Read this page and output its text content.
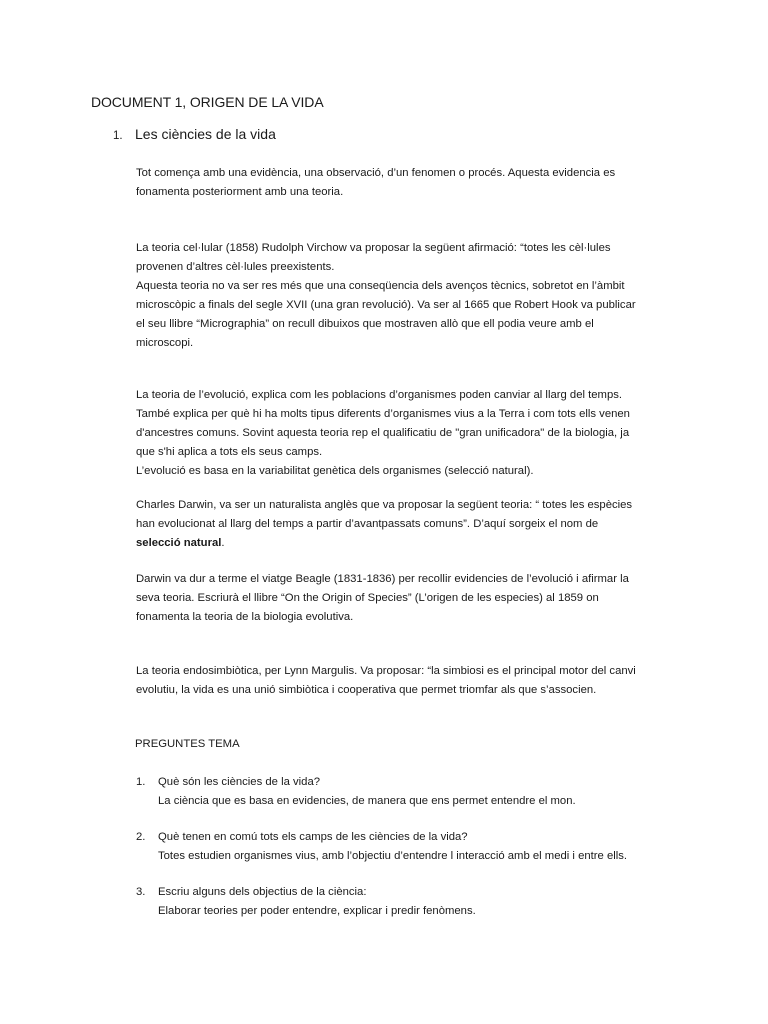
DOCUMENT 1, ORIGEN DE LA VIDA
1. Les ciències de la vida

Tot comença amb una evidència, una observació, d’un fenomen o procés. Aquesta evidencia es
fonamenta posteriorment amb una teoria.

La teoria cel·lular (1858) Rudolph Virchow va proposar la següent afirmació: “totes les cèl·lules
provenen d’altres cèl·lules preexistents.
Aquesta teoria no va ser res més que una conseqüencia dels avenços tècnics, sobretot en l’àmbit
microscòpic a finals del segle XVII (una gran revolució). Va ser al 1665 que Robert Hook va publicar
el seu llibre “Micrographia” on recull dibuixos que mostraven allò que ell podia veure amb el
microscopi.

La teoria de l’evolució, explica com les poblacions d’organismes poden canviar al llarg del temps.
També explica per què hi ha molts tipus diferents d’organismes vius a la Terra i com tots ells venen
d'ancestres comuns. Sovint aquesta teoria rep el qualificatiu de "gran unificadora" de la biologia, ja
que s'hi aplica a tots els seus camps.
L’evolució es basa en la variabilitat genètica dels organismes (selecció natural).

Charles Darwin, va ser un naturalista anglès que va proposar la següent teoria: “ totes les espècies
han evolucionat al llarg del temps a partir d’avantpassats comuns”. D’aquí sorgeix el nom de
selecció natural.

Darwin va dur a terme el viatge Beagle (1831-1836) per recollir evidencies de l’evolució i afirmar la
seva teoria. Escriurà el llibre “On the Origin of Species” (L’origen de les especies) al 1859 on
fonamenta la teoria de la biologia evolutiva.

La teoria endosimbiòtica, per Lynn Margulis. Va proposar: “la simbiosi es el principal motor del canvi
evolutiu, la vida es una unió simbiòtica i cooperativa que permet triomfar als que s’associen.

PREGUNTES TEMA
1. Què són les ciències de la vida?
La ciència que es basa en evidencies, de manera que ens permet entendre el mon.
2. Què tenen en comú tots els camps de les ciències de la vida?
Totes estudien organismes vius, amb l’objectiu d’entendre l interacció amb el medi i entre ells.
3. Escriu alguns dels objectius de la ciència:
Elaborar teories per poder entendre, explicar i predir fenòmens.
